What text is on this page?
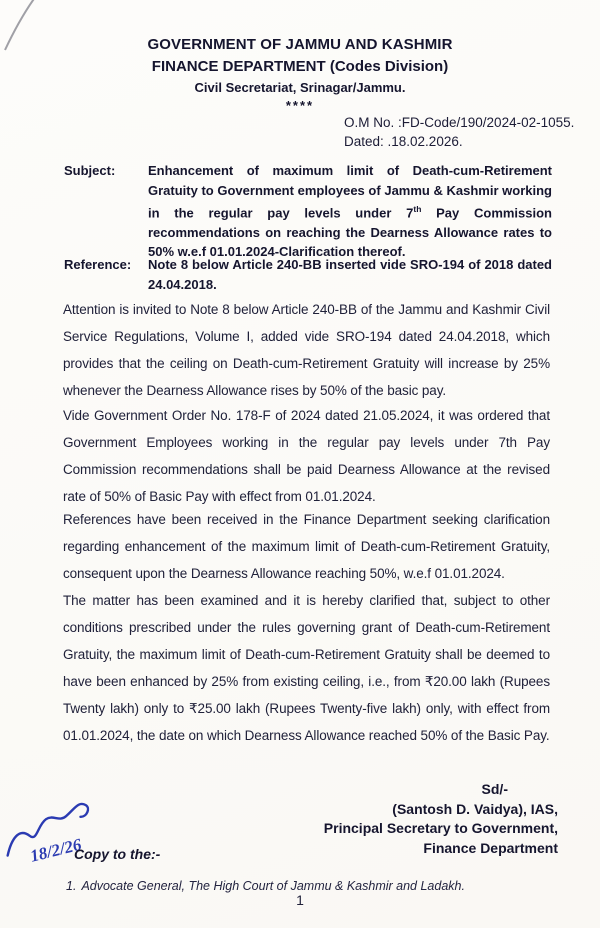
GOVERNMENT OF JAMMU AND KASHMIR
FINANCE DEPARTMENT (Codes Division)
Civil Secretariat, Srinagar/Jammu.
****
O.M No. :FD-Code/190/2024-02-1055.
Dated: .18.02.2026.
Subject:	Enhancement of maximum limit of Death-cum-Retirement Gratuity to Government employees of Jammu & Kashmir working in the regular pay levels under 7th Pay Commission recommendations on reaching the Dearness Allowance rates to 50% w.e.f 01.01.2024-Clarification thereof.
Reference:	Note 8 below Article 240-BB inserted vide SRO-194 of 2018 dated 24.04.2018.

Attention is invited to Note 8 below Article 240-BB of the Jammu and Kashmir Civil Service Regulations, Volume I, added vide SRO-194 dated 24.04.2018, which provides that the ceiling on Death-cum-Retirement Gratuity will increase by 25% whenever the Dearness Allowance rises by 50% of the basic pay.

Vide Government Order No. 178-F of 2024 dated 21.05.2024, it was ordered that Government Employees working in the regular pay levels under 7th Pay Commission recommendations shall be paid Dearness Allowance at the revised rate of 50% of Basic Pay with effect from 01.01.2024.

References have been received in the Finance Department seeking clarification regarding enhancement of the maximum limit of Death-cum-Retirement Gratuity, consequent upon the Dearness Allowance reaching 50%, w.e.f 01.01.2024.

The matter has been examined and it is hereby clarified that, subject to other conditions prescribed under the rules governing grant of Death-cum-Retirement Gratuity, the maximum limit of Death-cum-Retirement Gratuity shall be deemed to have been enhanced by 25% from existing ceiling, i.e., from ₹20.00 lakh (Rupees Twenty lakh) only to ₹25.00 lakh (Rupees Twenty-five lakh) only, with effect from 01.01.2024, the date on which Dearness Allowance reached 50% of the Basic Pay.

Sd/-
(Santosh D. Vaidya), IAS,
Principal Secretary to Government,
Finance Department
18/2/26
Copy to the:-
1. Advocate General, The High Court of Jammu & Kashmir and Ladakh.
1
